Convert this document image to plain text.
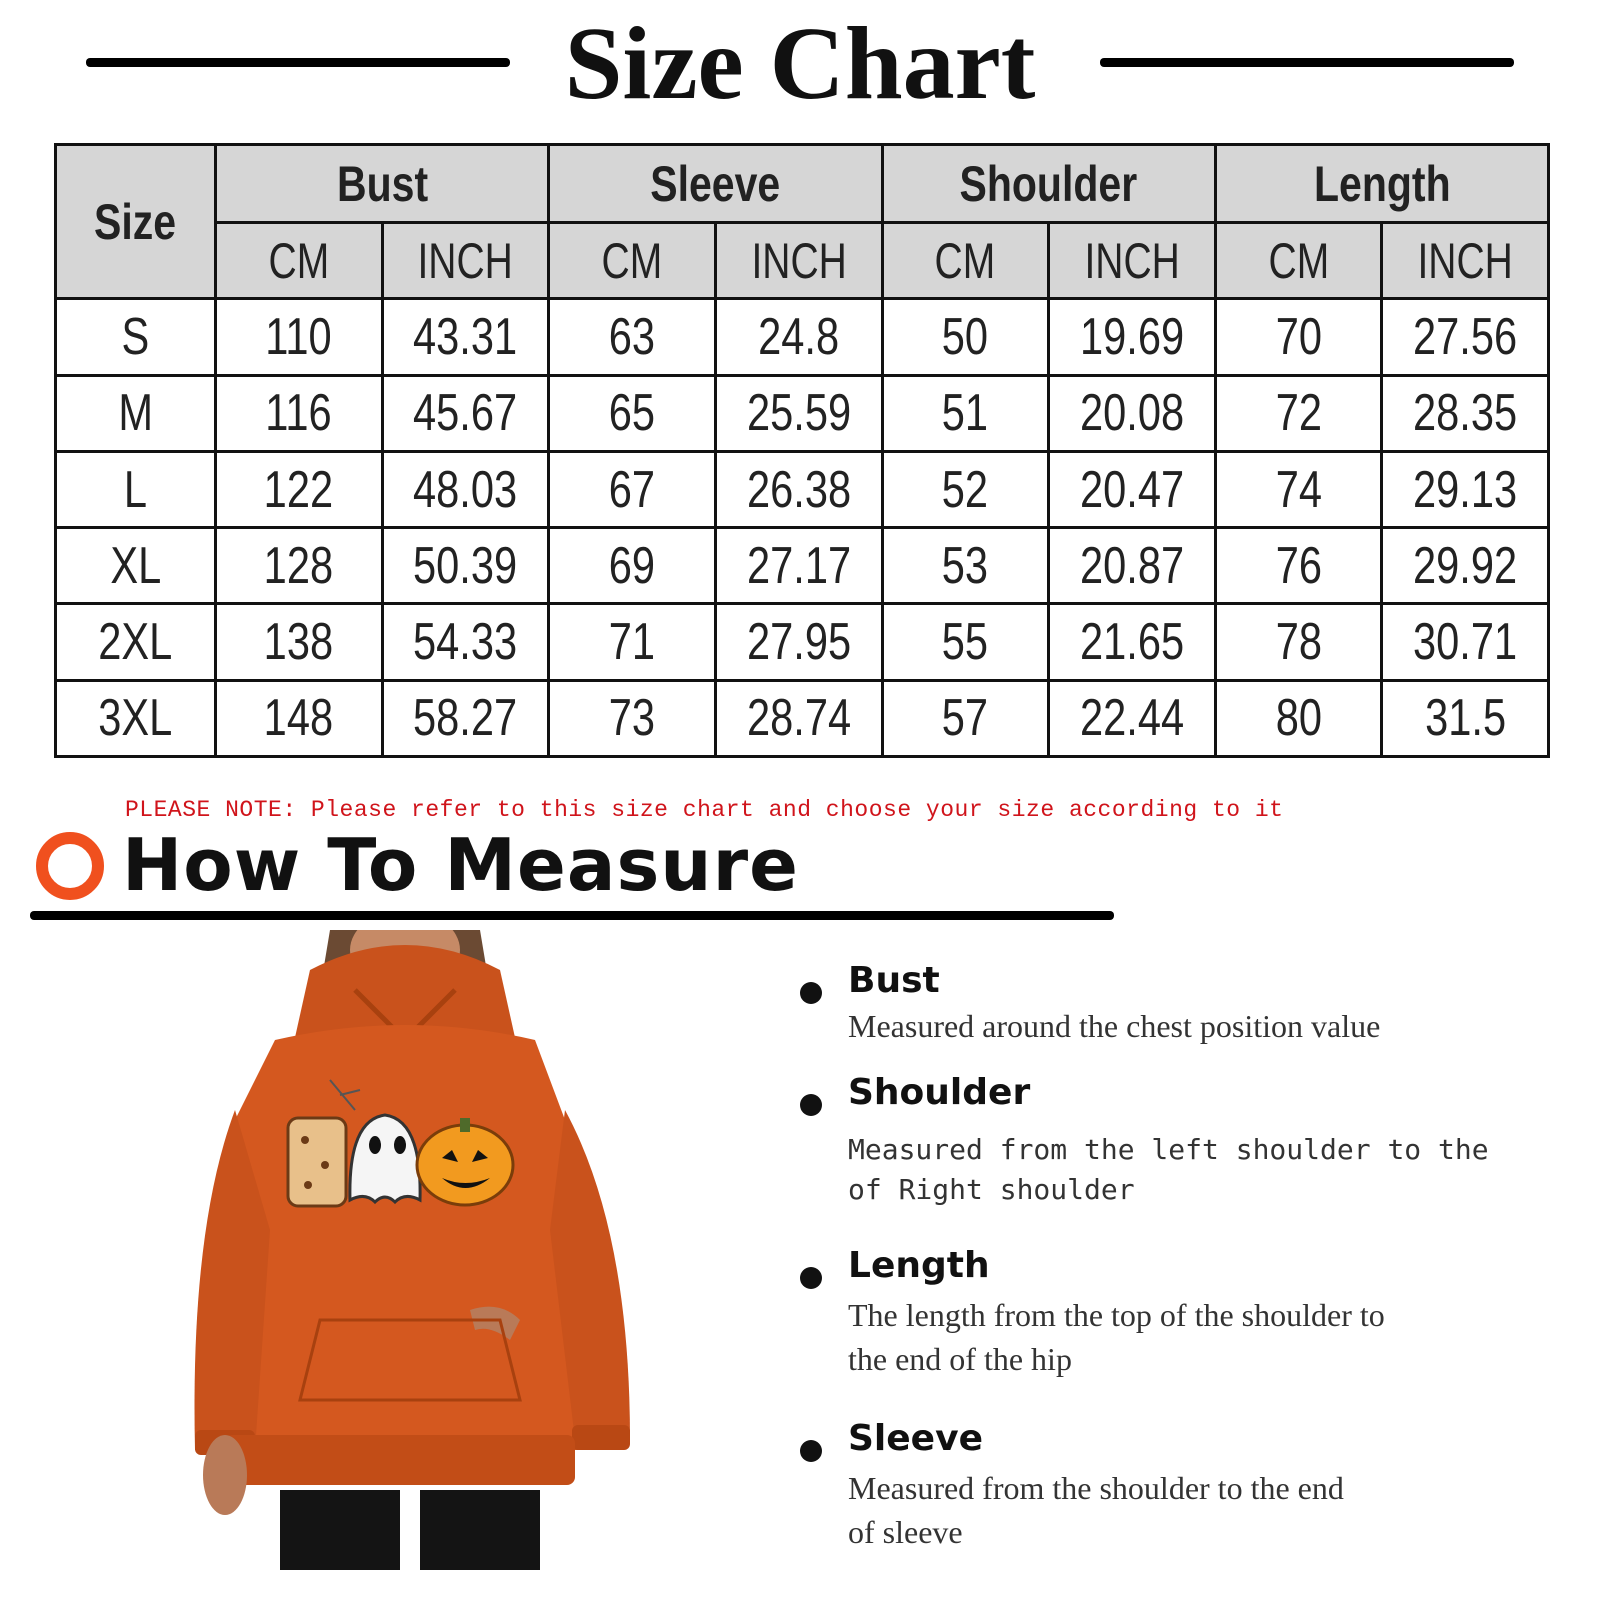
Size Chart
Size	Bust		Sleeve		Shoulder		Length	
	CM	INCH	CM	INCH	CM	INCH	CM	INCH
S	110	43.31	63	24.8	50	19.69	70	27.56
M	116	45.67	65	25.59	51	20.08	72	28.35
L	122	48.03	67	26.38	52	20.47	74	29.13
XL	128	50.39	69	27.17	53	20.87	76	29.92
2XL	138	54.33	71	27.95	55	21.65	78	30.71
3XL	148	58.27	73	28.74	57	22.44	80	31.5
PLEASE NOTE: Please refer to this size chart and choose your size according to it
How To Measure
Bust
Measured around the chest position value
Shoulder
Measured from the left shoulder to the
of Right shoulder
Length
The length from the top of the shoulder to
the end of the hip
Sleeve
Measured from the shoulder to the end
of sleeve
